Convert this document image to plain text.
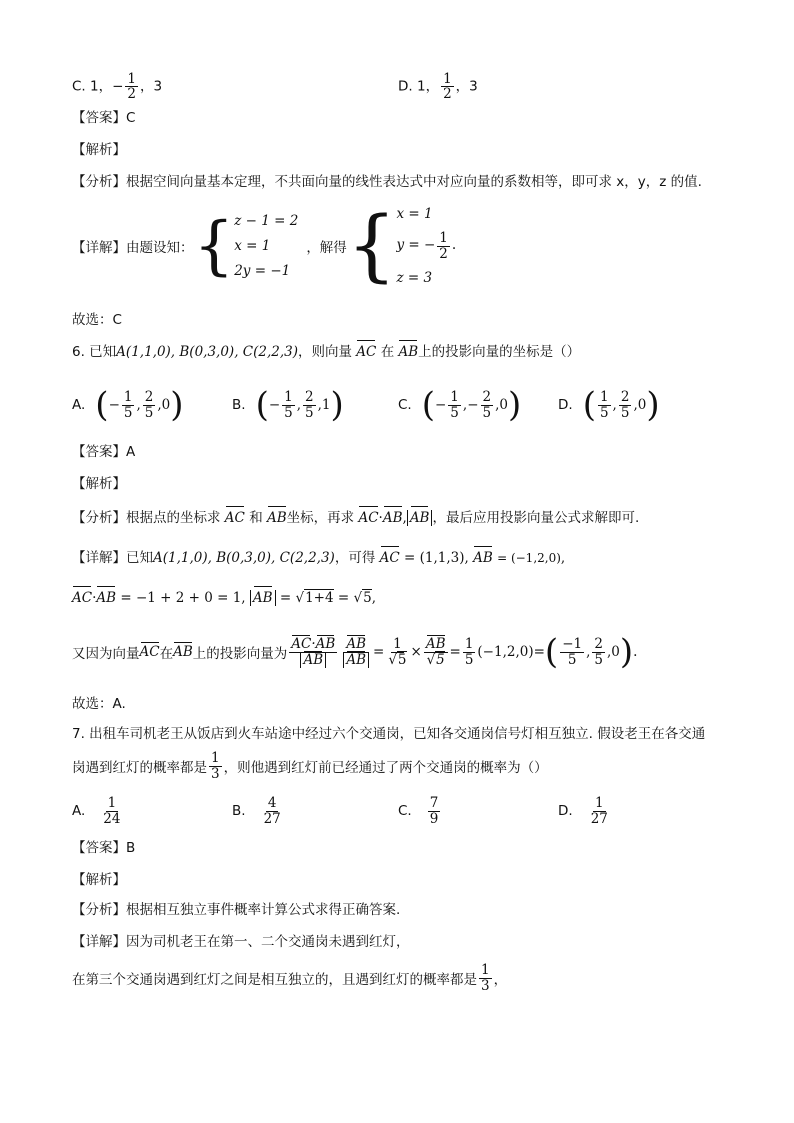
C. 1，− $\frac{1}{2}$ ，3	D. 1， $\frac{1}{2}$ ，3
【答案】C
【解析】
【分析】根据空间向量基本定理，不共面向量的线性表达式中对应向量的系数相等，即可求 x，y，z 的值.
【详解】由题设知： { z − 1 = 2
x = 1
2y = −1
，解得 { x = 1
y = − $\frac{1}{2}$ .
z = 3
故选：C
6. 已知A(1,1,0), B(0,3,0), C(2,2,3)，则向量 AC 在 AB上的投影向量的坐标是（）
A. ( − $\frac{1}{5}$ , $\frac{2}{5} ,0$ )	B. ( − $\frac{1}{5}$ , $\frac{2}{5} ,1$ )	C. ( − $\frac{1}{5}$ , − $\frac{2}{5} ,0$ )	D. ( $\frac{1}{5}$ , $\frac{2}{5} ,0$ )
【答案】A
【解析】
【分析】根据点的坐标求 AC 和 AB坐标，再求 AC·AB, AB ，最后应用投影向量公式求解即可.
【详解】已知A(1,1,0), B(0,3,0), C(2,2,3)，可得 AC = (1,1,3), AB = (−1,2,0),
AC·AB = −1 + 2 + 0 = 1, AB = √1+4 = √5,
又因为向量 AC 在 AB 上的投影向量为 $\frac{AC\cdot AB}{AB} \frac{AB}{AB} = \frac{1}{√5} \times \frac{AB}{√5} = \frac{1}{5} (-1,2,0)$ = ( $\frac{-1}{5}$ , $\frac{2}{5} ,0$ ) .
故选：A.
7. 出租车司机老王从饭店到火车站途中经过六个交通岗，已知各交通岗信号灯相互独立. 假设老王在各交通
岗遇到红灯的概率都是 $\frac{1}{3}$ ，则他遇到红灯前已经通过了两个交通岗的概率为（）
A. $\frac{1}{24}$	B. $\frac{4}{27}$	C. $\frac{7}{9}$	D. $\frac{1}{27}$
【答案】B
【解析】
【分析】根据相互独立事件概率计算公式求得正确答案.
【详解】因为司机老王在第一、二个交通岗未遇到红灯，
在第三个交通岗遇到红灯之间是相互独立的，且遇到红灯的概率都是 $\frac{1}{3}$ ，
